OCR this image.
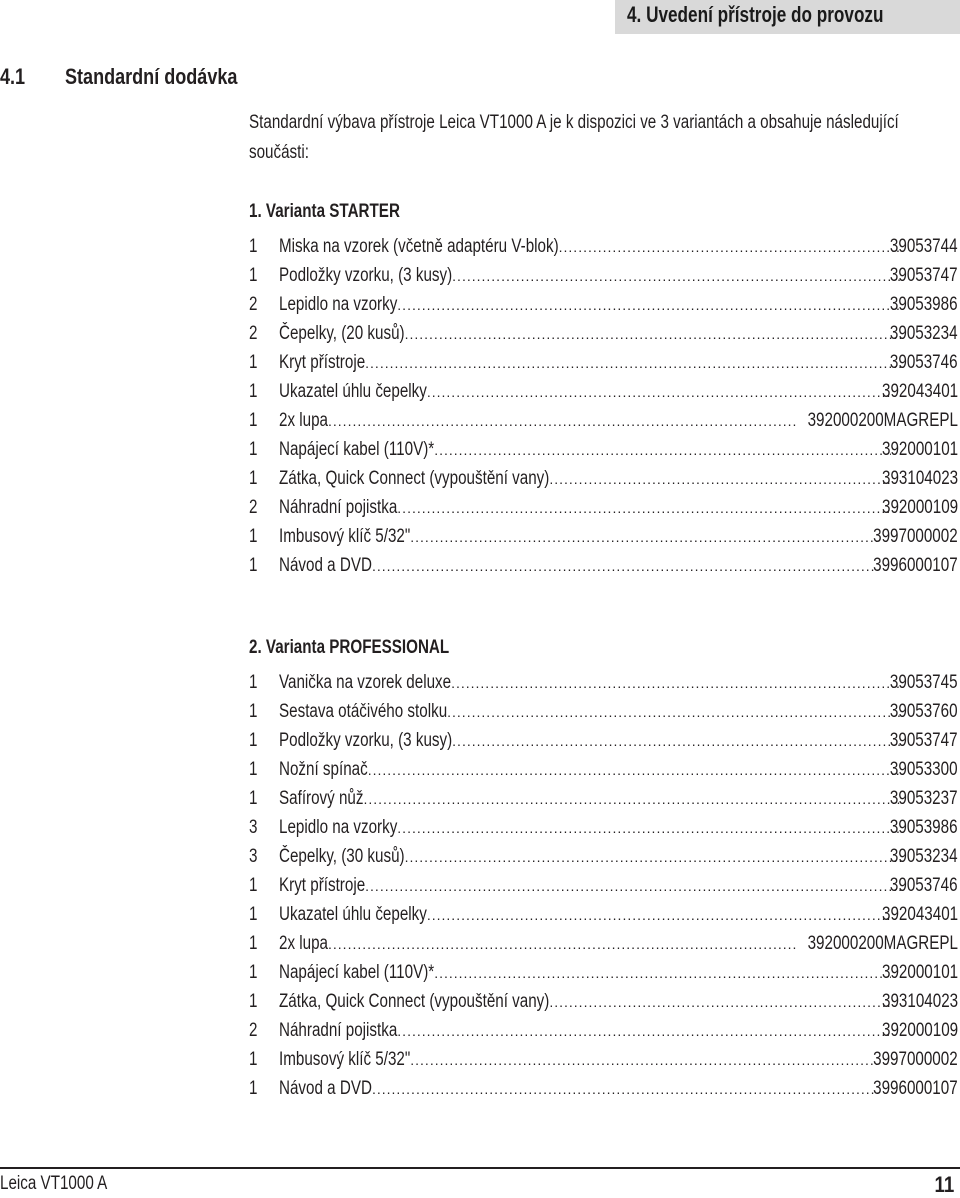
4. Uvedení přístroje do provozu
4.1 Standardní dodávka
Standardní výbava přístroje Leica VT1000 A je k dispozici ve 3 variantách a obsahuje následující součásti:
1. Varianta STARTER
1	Miska na vzorek (včetně adaptéru V-blok) .....	39053744
1	Podložky vzorku, (3 kusy) .....	39053747
2	Lepidlo na vzorky .....	39053986
2	Čepelky, (20 kusů) .....	39053234
1	Kryt přístroje .....	39053746
1	Ukazatel úhlu čepelky .....	392043401
1	2x lupa .....	392000200MAGREPL
1	Napájecí kabel (110V)* .....	392000101
1	Zátka, Quick Connect (vypouštění vany) .....	393104023
2	Náhradní pojistka .....	392000109
1	Imbusový klíč 5/32" .....	3997000002
1	Návod a DVD .....	3996000107
2. Varianta PROFESSIONAL
1	Vanička na vzorek deluxe .....	39053745
1	Sestava otáčivého stolku .....	39053760
1	Podložky vzorku, (3 kusy) .....	39053747
1	Nožní spínač .....	39053300
1	Safírový nůž .....	39053237
3	Lepidlo na vzorky .....	39053986
3	Čepelky, (30 kusů) .....	39053234
1	Kryt přístroje .....	39053746
1	Ukazatel úhlu čepelky .....	392043401
1	2x lupa .....	392000200MAGREPL
1	Napájecí kabel (110V)* .....	392000101
1	Zátka, Quick Connect (vypouštění vany) .....	393104023
2	Náhradní pojistka .....	392000109
1	Imbusový klíč 5/32" .....	3997000002
1	Návod a DVD .....	3996000107
Leica VT1000 A	11
